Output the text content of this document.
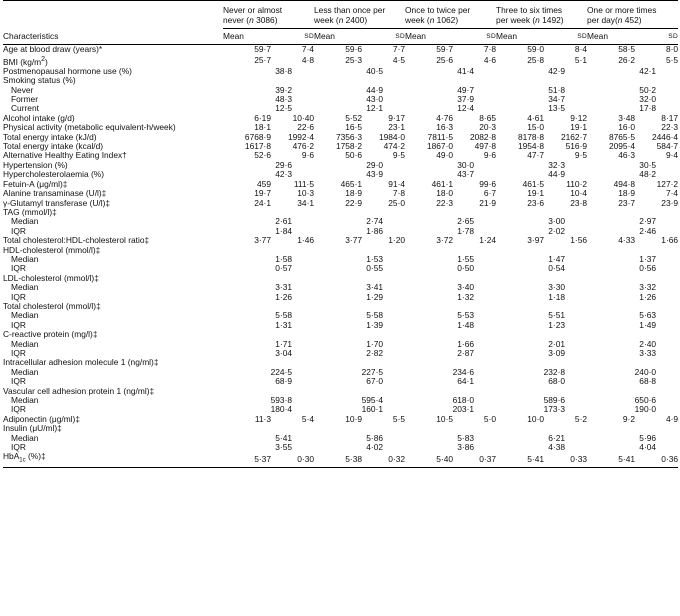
	Never or almost
never (n 3086)		Less than once per
week (n 2400)		Once to twice per
week (n 1062)		Three to six times
per week (n 1492)		One or more times
per day(n 452)	
Characteristics	Mean	SD	Mean	SD	Mean	SD	Mean	SD	Mean	SD
Age at blood draw (years)*	59·7	7·4	59·6	7·7	59·7	7·8	59·0	8·4	58·5	8·0
BMI $(kg/m^2)$	25·7	4·8	25·3	4·5	25·6	4·6	25·8	5·1	26·2	5·5
Postmenopausal hormone use (%)	38·8		40·5		41·4		42·9		42·1	
Smoking status (%)										
Never	39·2		44·9		49·7		51·8		50·2	
Former	48·3		43·0		37·9		34·7		32·0	
Current	12·5		12·1		12·4		13·5		17·8	
Alcohol intake (g/d)	6·19	10·40	5·52	9·17	4·76	8·65	4·61	9·12	3·48	8·17
Physical activity (metabolic equivalent-h/week)	18·1	22·6	16·5	23·1	16·3	20·3	15·0	19·1	16·0	22·3
Total energy intake (kJ/d)	6768·9	1992·4	7356·3	1984·0	7811·5	2082·8	8178·8	2162·7	8765·5	2446·4
Total energy intake (kcal/d)	1617·8	476·2	1758·2	474·2	1867·0	497·8	1954·8	516·9	2095·4	584·7
Alternative Healthy Eating Index†	52·6	9·6	50·6	9·5	49·0	9·6	47·7	9·5	46·3	9·4
Hypertension (%)	29·6		29·0		30·0		32·3		30·5	
Hypercholesterolaemia (%)	42·3		43·9		43·7		44·9		48·2	
Fetuin-A (μg/ml)‡	459	111·5	465·1	91·4	461·1	99·6	461·5	110·2	494·8	127·2
Alanine transaminase (U/l)‡	19·7	10·3	18·9	7·8	18·0	6·7	19·1	10·4	18·9	7·4
γ-Glutamyl transferase (U/l)‡	24·1	34·1	22·9	25·0	22·3	21·9	23·6	23·8	23·7	23·9
TAG (mmol/l)‡										
Median	2·61		2·74		2·65		3·00		2·97	
IQR	1·84		1·86		1·78		2·02		2·46	
Total cholesterol:HDL-cholesterol ratio‡	3·77	1·46	3·77	1·20	3·72	1·24	3·97	1·56	4·33	1·66
HDL-cholesterol (mmol/l)‡										
Median	1·58		1·53		1·55		1·47		1·37	
IQR	0·57		0·55		0·50		0·54		0·56	
LDL-cholesterol (mmol/l)‡										
Median	3·31		3·41		3·40		3·30		3·32	
IQR	1·26		1·29		1·32		1·18		1·26	
Total cholesterol (mmol/l)‡										
Median	5·58		5·58		5·53		5·51		5·63	
IQR	1·31		1·39		1·48		1·23		1·49	
C-reactive protein (mg/l)‡										
Median	1·71		1·70		1·66		2·01		2·40	
IQR	3·04		2·82		2·87		3·09		3·33	
Intracellular adhesion molecule 1 (ng/ml)‡										
Median	224·5		227·5		234·6		232·8		240·0	
IQR	68·9		67·0		64·1		68·0		68·8	
Vascular cell adhesion protein 1 (ng/ml)‡										
Median	593·8		595·4		618·0		589·6		650·6	
IQR	180·4		160·1		203·1		173·3		190·0	
Adiponectin (μg/ml)‡	11·3	5·4	10·9	5·5	10·5	5·0	10·0	5·2	9·2	4·9
Insulin (μU/ml)‡										
Median	5·41		5·86		5·83		6·21		5·96	
IQR	3·55		4·02		3·86		4·38		4·04	
HbA$_{1c}$ (%)‡	5·37	0·30	5·38	0·32	5·40	0·37	5·41	0·33	5·41	0·36
